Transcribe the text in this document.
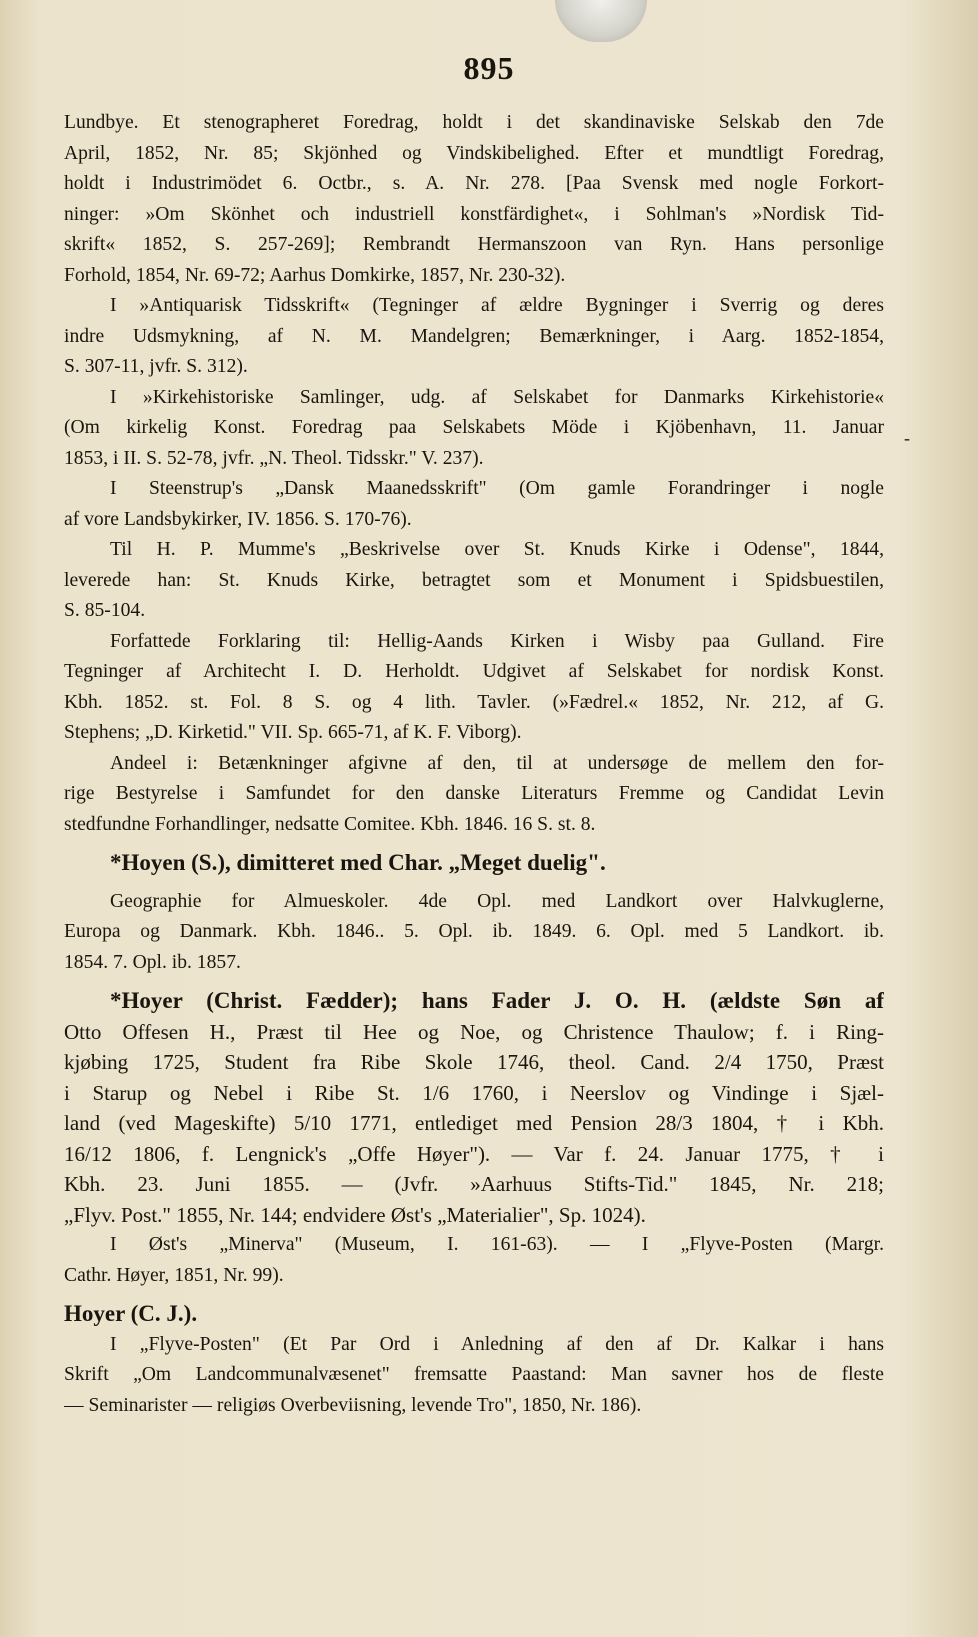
895
-
Lundbye. Et stenographeret Foredrag, holdt i det skandinaviske Selskab den 7de
April, 1852, Nr. 85; Skjönhed og Vindskibelighed. Efter et mundtligt Foredrag,
holdt i Industrimödet 6. Octbr., s. A. Nr. 278. [Paa Svensk med nogle Forkort-
ninger: »Om Skönhet och industriell konstfärdighet«, i Sohlman's »Nordisk Tid-
skrift« 1852, S. 257-269]; Rembrandt Hermanszoon van Ryn. Hans personlige
Forhold, 1854, Nr. 69-72; Aarhus Domkirke, 1857, Nr. 230-32).
I »Antiquarisk Tidsskrift« (Tegninger af ældre Bygninger i Sverrig og deres
indre Udsmykning, af N. M. Mandelgren; Bemærkninger, i Aarg. 1852-1854,
S. 307-11, jvfr. S. 312).
I »Kirkehistoriske Samlinger, udg. af Selskabet for Danmarks Kirkehistorie«
(Om kirkelig Konst. Foredrag paa Selskabets Möde i Kjöbenhavn, 11. Januar
1853, i II. S. 52-78, jvfr. „N. Theol. Tidsskr." V. 237).
I Steenstrup's „Dansk Maanedsskrift" (Om gamle Forandringer i nogle
af vore Landsbykirker, IV. 1856. S. 170-76).
Til H. P. Mumme's „Beskrivelse over St. Knuds Kirke i Odense", 1844,
leverede han: St. Knuds Kirke, betragtet som et Monument i Spidsbuestilen,
S. 85-104.
Forfattede Forklaring til: Hellig-Aands Kirken i Wisby paa Gulland. Fire
Tegninger af Architecht I. D. Herholdt. Udgivet af Selskabet for nordisk Konst.
Kbh. 1852. st. Fol. 8 S. og 4 lith. Tavler. (»Fædrel.« 1852, Nr. 212, af G.
Stephens; „D. Kirketid." VII. Sp. 665-71, af K. F. Viborg).
Andeel i: Betænkninger afgivne af den, til at undersøge de mellem den for-
rige Bestyrelse i Samfundet for den danske Literaturs Fremme og Candidat Levin
stedfundne Forhandlinger, nedsatte Comitee. Kbh. 1846. 16 S. st. 8.
*Hoyen (S.), dimitteret med Char. „Meget duelig".
Geographie for Almueskoler. 4de Opl. med Landkort over Halvkuglerne,
Europa og Danmark. Kbh. 1846.. 5. Opl. ib. 1849. 6. Opl. med 5 Landkort. ib.
1854. 7. Opl. ib. 1857.
*Hoyer (Christ. Fædder); hans Fader J. O. H. (ældste Søn af
Otto Offesen H., Præst til Hee og Noe, og Christence Thaulow; f. i Ring-
kjøbing 1725, Student fra Ribe Skole 1746, theol. Cand. 2/4 1750, Præst
i Starup og Nebel i Ribe St. 1/6 1760, i Neerslov og Vindinge i Sjæl-
land (ved Mageskifte) 5/10 1771, entlediget med Pension 28/3 1804, † i Kbh.
16/12 1806, f. Lengnick's „Offe Høyer"). — Var f. 24. Januar 1775, † i
Kbh. 23. Juni 1855. — (Jvfr. »Aarhuus Stifts-Tid." 1845, Nr. 218;
„Flyv. Post." 1855, Nr. 144; endvidere Øst's „Materialier", Sp. 1024).
I Øst's „Minerva" (Museum, I. 161-63). — I „Flyve-Posten (Margr.
Cathr. Høyer, 1851, Nr. 99).
Hoyer (C. J.).
I „Flyve-Posten" (Et Par Ord i Anledning af den af Dr. Kalkar i hans
Skrift „Om Landcommunalvæsenet" fremsatte Paastand: Man savner hos de fleste
— Seminarister — religiøs Overbeviisning, levende Tro", 1850, Nr. 186).
